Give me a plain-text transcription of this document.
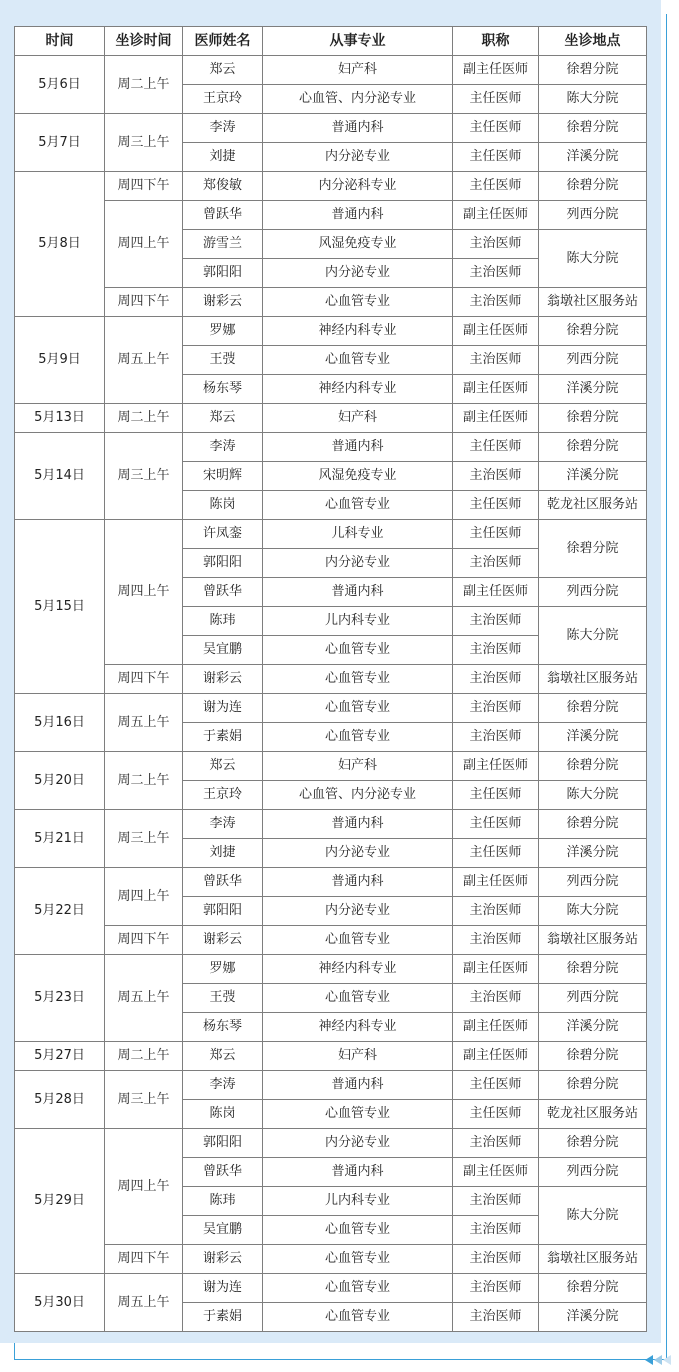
时间	坐诊时间	医师姓名	从事专业	职称	坐诊地点
5月6日	周二上午	郑云	妇产科	副主任医师	徐碧分院
		王京玲	心血管、内分泌专业	主任医师	陈大分院
5月7日	周三上午	李涛	普通内科	主任医师	徐碧分院
		刘捷	内分泌专业	主任医师	洋溪分院
5月8日	周四下午	郑俊敏	内分泌科专业	主任医师	徐碧分院
	周四上午	曾跃华	普通内科	副主任医师	列西分院
		游雪兰	风湿免疫专业	主治医师	陈大分院
		郭阳阳	内分泌专业	主治医师	
	周四下午	谢彩云	心血管专业	主治医师	翁墩社区服务站
5月9日	周五上午	罗娜	神经内科专业	副主任医师	徐碧分院
		王弢	心血管专业	主治医师	列西分院
		杨东琴	神经内科专业	副主任医师	洋溪分院
5月13日	周二上午	郑云	妇产科	副主任医师	徐碧分院
5月14日	周三上午	李涛	普通内科	主任医师	徐碧分院
		宋明辉	风湿免疫专业	主治医师	洋溪分院
		陈岗	心血管专业	主任医师	乾龙社区服务站
5月15日	周四上午	许凤銮	儿科专业	主任医师	徐碧分院
		郭阳阳	内分泌专业	主治医师	
		曾跃华	普通内科	副主任医师	列西分院
		陈玮	儿内科专业	主治医师	陈大分院
		吴宜鹏	心血管专业	主治医师	
	周四下午	谢彩云	心血管专业	主治医师	翁墩社区服务站
5月16日	周五上午	谢为连	心血管专业	主治医师	徐碧分院
		于素娟	心血管专业	主治医师	洋溪分院
5月20日	周二上午	郑云	妇产科	副主任医师	徐碧分院
		王京玲	心血管、内分泌专业	主任医师	陈大分院
5月21日	周三上午	李涛	普通内科	主任医师	徐碧分院
		刘捷	内分泌专业	主任医师	洋溪分院
5月22日	周四上午	曾跃华	普通内科	副主任医师	列西分院
		郭阳阳	内分泌专业	主治医师	陈大分院
	周四下午	谢彩云	心血管专业	主治医师	翁墩社区服务站
5月23日	周五上午	罗娜	神经内科专业	副主任医师	徐碧分院
		王弢	心血管专业	主治医师	列西分院
		杨东琴	神经内科专业	副主任医师	洋溪分院
5月27日	周二上午	郑云	妇产科	副主任医师	徐碧分院
5月28日	周三上午	李涛	普通内科	主任医师	徐碧分院
		陈岗	心血管专业	主任医师	乾龙社区服务站
5月29日	周四上午	郭阳阳	内分泌专业	主治医师	徐碧分院
		曾跃华	普通内科	副主任医师	列西分院
		陈玮	儿内科专业	主治医师	陈大分院
		吴宜鹏	心血管专业	主治医师	
	周四下午	谢彩云	心血管专业	主治医师	翁墩社区服务站
5月30日	周五上午	谢为连	心血管专业	主治医师	徐碧分院
		于素娟	心血管专业	主治医师	洋溪分院
